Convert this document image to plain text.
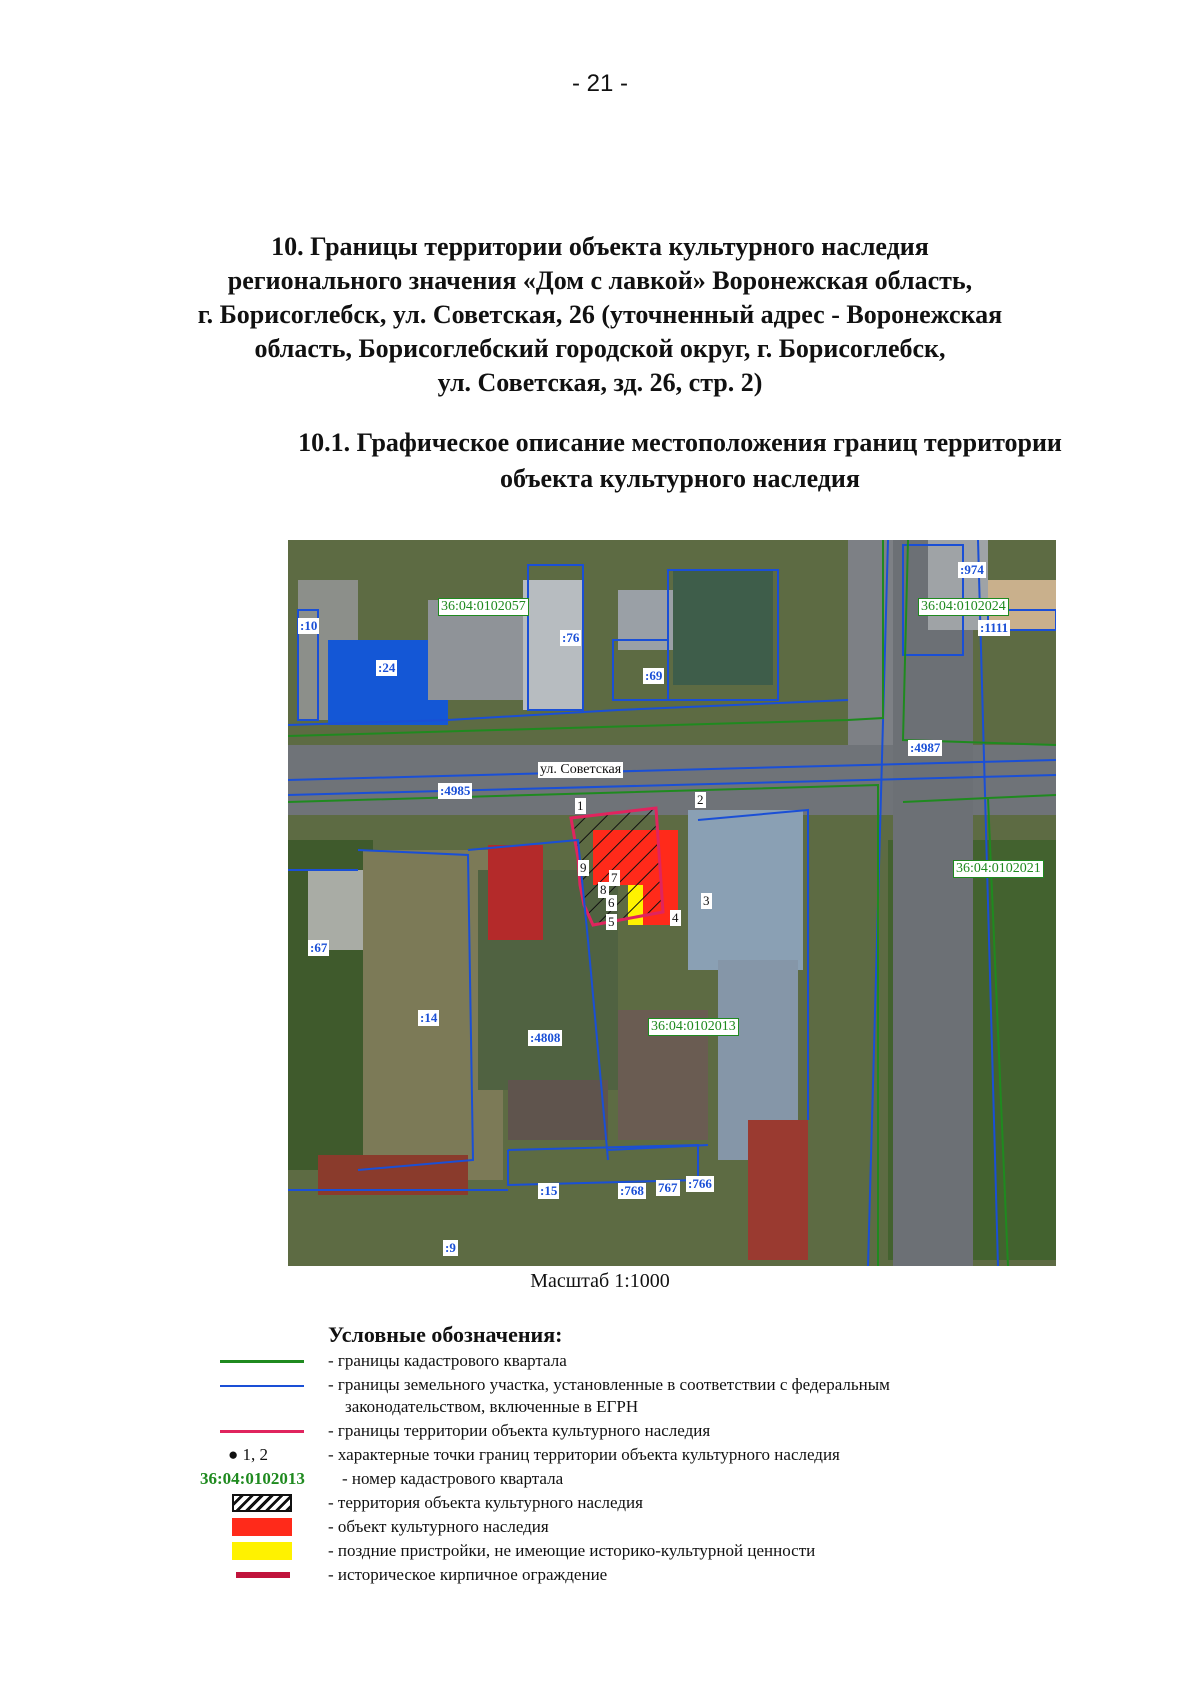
- 21 -
10. Границы территории объекта культурного наследия
регионального значения «Дом с лавкой» Воронежская область,
г. Борисоглебск, ул. Советская, 26 (уточненный адрес - Воронежская
область, Борисоглебский городской округ, г. Борисоглебск,
ул. Советская, зд. 26, стр. 2)
10.1. Графическое описание местоположения границ территории
объекта культурного наследия
ул. Советская
36:04:0102057	36:04:0102024
36:04:0102021
36:04:0102013
:10
:24
:76
:69
:974
:1111
:4987
:4985
:67
:14
:4808
:15	:768 767 :766
:9
1	2
3
4
5
6
7
8
9
Масштаб 1:1000
Условные обозначения:
- границы кадастрового квартала
- границы земельного участка, установленные в соответствии с федеральным
законодательством, включенные в ЕГРН
- границы территории объекта культурного наследия
● 1, 2	- характерные точки границ территории объекта культурного наследия
36:04:0102013 - номер кадастрового квартала
- территория объекта культурного наследия
- объект культурного наследия
- поздние пристройки, не имеющие историко-культурной ценности
- историческое кирпичное ограждение
